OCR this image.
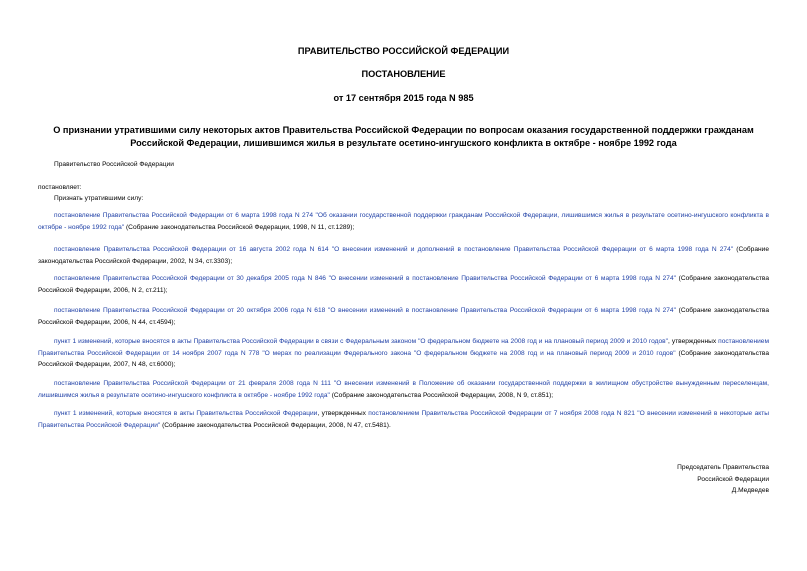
ПРАВИТЕЛЬСТВО РОССИЙСКОЙ ФЕДЕРАЦИИ
ПОСТАНОВЛЕНИЕ
от 17 сентября 2015 года N 985
О признании утратившими силу некоторых актов Правительства Российской Федерации по вопросам оказания государственной поддержки гражданам Российской Федерации, лишившимся жилья в результате осетино-ингушского конфликта в октябре - ноябре 1992 года
Правительство Российской Федерации
постановляет:
Признать утратившими силу:
постановление Правительства Российской Федерации от 6 марта 1998 года N 274 "Об оказании государственной поддержки гражданам Российской Федерации, лишившимся жилья в результате осетино-ингушского конфликта в октябре - ноябре 1992 года" (Собрание законодательства Российской Федерации, 1998, N 11, ст.1289);
постановление Правительства Российской Федерации от 16 августа 2002 года N 614 "О внесении изменений и дополнений в постановление Правительства Российской Федерации от 6 марта 1998 года N 274" (Собрание законодательства Российской Федерации, 2002, N 34, ст.3303);
постановление Правительства Российской Федерации от 30 декабря 2005 года N 846 "О внесении изменений в постановление Правительства Российской Федерации от 6 марта 1998 года N 274" (Собрание законодательства Российской Федерации, 2006, N 2, ст.211);
постановление Правительства Российской Федерации от 20 октября 2006 года N 618 "О внесении изменений в постановление Правительства Российской Федерации от 6 марта 1998 года N 274" (Собрание законодательства Российской Федерации, 2006, N 44, ст.4594);
пункт 1 изменений, которые вносятся в акты Правительства Российской Федерации в связи с Федеральным законом "О федеральном бюджете на 2008 год и на плановый период 2009 и 2010 годов", утвержденных постановлением Правительства Российской Федерации от 14 ноября 2007 года N 778 "О мерах по реализации Федерального закона "О федеральном бюджете на 2008 год и на плановый период 2009 и 2010 годов" (Собрание законодательства Российской Федерации, 2007, N 48, ст.6000);
постановление Правительства Российской Федерации от 21 февраля 2008 года N 111 "О внесении изменений в Положение об оказании государственной поддержки в жилищном обустройстве вынужденным переселенцам, лишившимся жилья в результате осетино-ингушского конфликта в октябре - ноябре 1992 года" (Собрание законодательства Российской Федерации, 2008, N 9, ст.851);
пункт 1 изменений, которые вносятся в акты Правительства Российской Федерации, утвержденных постановлением Правительства Российской Федерации от 7 ноября 2008 года N 821 "О внесении изменений в некоторые акты Правительства Российской Федерации" (Собрание законодательства Российской Федерации, 2008, N 47, ст.5481).
Председатель Правительства
Российской Федерации
Д.Медведев
